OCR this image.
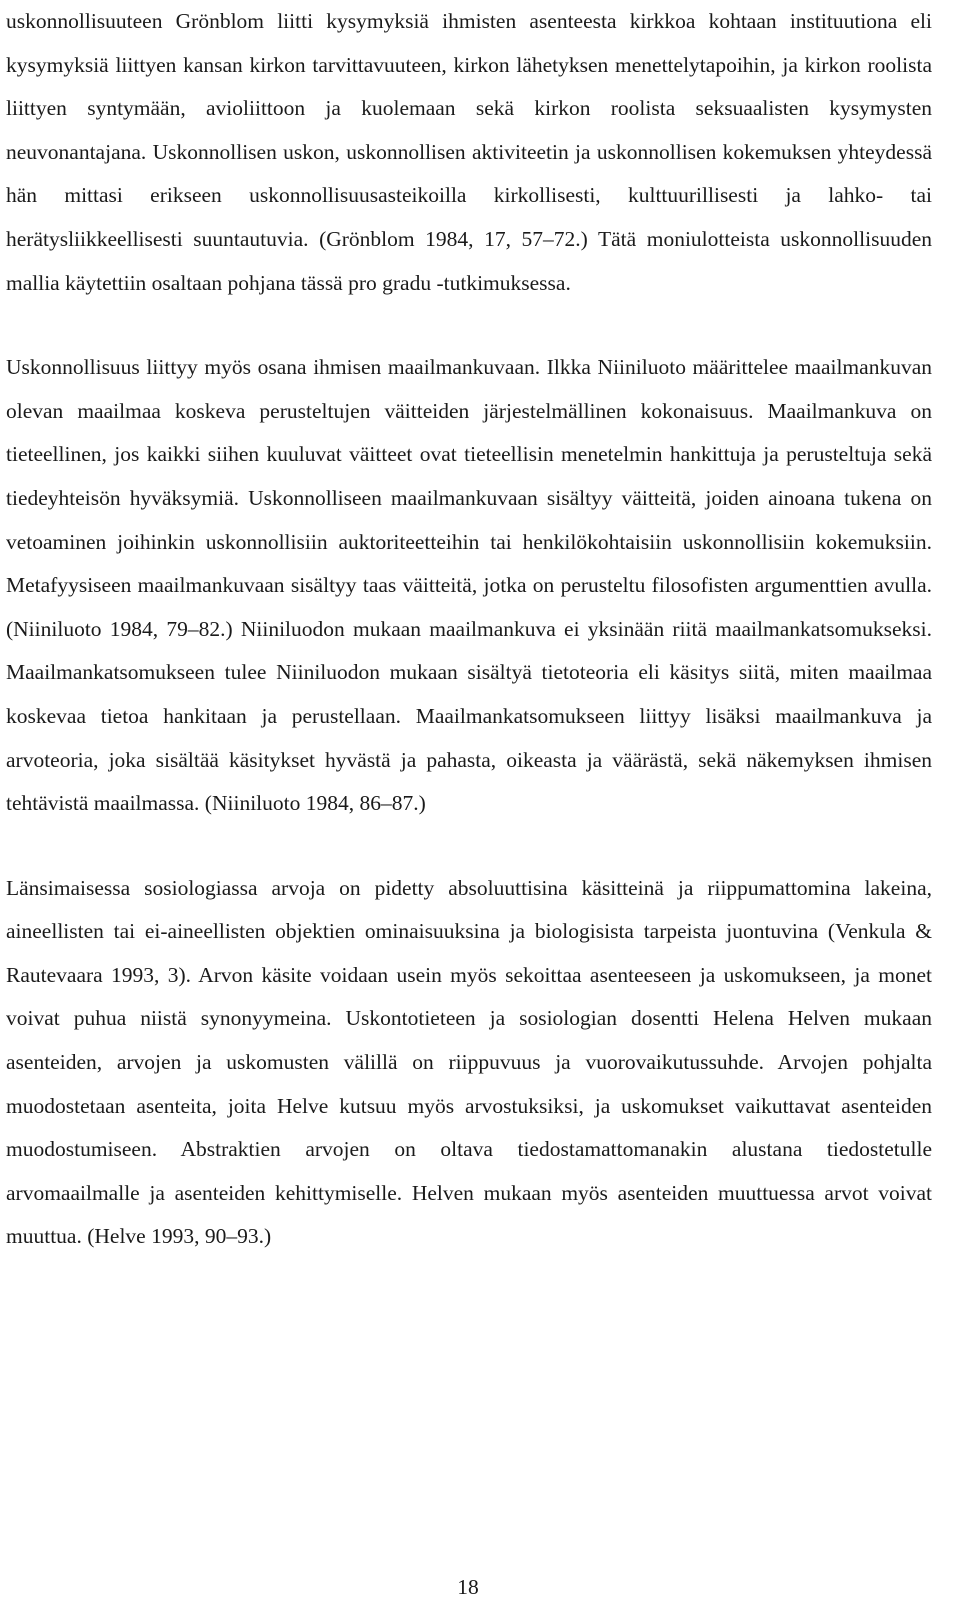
uskonnollisuuteen Grönblom liitti kysymyksiä ihmisten asenteesta kirkkoa kohtaan instituutiona eli kysymyksiä liittyen kansan kirkon tarvittavuuteen, kirkon lähetyksen menettelytapoihin, ja kirkon roolista liittyen syntymään, avioliittoon ja kuolemaan sekä kirkon roolista seksuaalisten kysymysten neuvonantajana. Uskonnollisen uskon, uskonnollisen aktiviteetin ja uskonnollisen kokemuksen yhteydessä hän mittasi erikseen uskonnollisuusasteikoilla kirkollisesti, kulttuurillisesti ja lahko- tai herätysliikkeellisesti suuntautuvia. (Grönblom 1984, 17, 57–72.) Tätä moniulotteista uskonnollisuuden mallia käytettiin osaltaan pohjana tässä pro gradu -tutkimuksessa.

Uskonnollisuus liittyy myös osana ihmisen maailmankuvaan. Ilkka Niiniluoto määrittelee maailmankuvan olevan maailmaa koskeva perusteltujen väitteiden järjestelmällinen kokonaisuus. Maailmankuva on tieteellinen, jos kaikki siihen kuuluvat väitteet ovat tieteellisin menetelmin hankittuja ja perusteltuja sekä tiedeyhteisön hyväksymiä. Uskonnolliseen maailmankuvaan sisältyy väitteitä, joiden ainoana tukena on vetoaminen joihinkin uskonnollisiin auktoriteetteihin tai henkilökohtaisiin uskonnollisiin kokemuksiin. Metafyysiseen maailmankuvaan sisältyy taas väitteitä, jotka on perusteltu filosofisten argumenttien avulla. (Niiniluoto 1984, 79–82.) Niiniluodon mukaan maailmankuva ei yksinään riitä maailmankatsomukseksi. Maailmankatsomukseen tulee Niiniluodon mukaan sisältyä tietoteoria eli käsitys siitä, miten maailmaa koskevaa tietoa hankitaan ja perustellaan. Maailmankatsomukseen liittyy lisäksi maailmankuva ja arvoteoria, joka sisältää käsitykset hyvästä ja pahasta, oikeasta ja väärästä, sekä näkemyksen ihmisen tehtävistä maailmassa. (Niiniluoto 1984, 86–87.)

Länsimaisessa sosiologiassa arvoja on pidetty absoluuttisina käsitteinä ja riippumattomina lakeina, aineellisten tai ei-aineellisten objektien ominaisuuksina ja biologisista tarpeista juontuvina (Venkula & Rautevaara 1993, 3). Arvon käsite voidaan usein myös sekoittaa asenteeseen ja uskomukseen, ja monet voivat puhua niistä synonyymeina. Uskontotieteen ja sosiologian dosentti Helena Helven mukaan asenteiden, arvojen ja uskomusten välillä on riippuvuus ja vuorovaikutussuhde. Arvojen pohjalta muodostetaan asenteita, joita Helve kutsuu myös arvostuksiksi, ja uskomukset vaikuttavat asenteiden muodostumiseen. Abstraktien arvojen on oltava tiedostamattomanakin alustana tiedostetulle arvomaailmalle ja asenteiden kehittymiselle. Helven mukaan myös asenteiden muuttuessa arvot voivat muuttua. (Helve 1993, 90–93.)

18
